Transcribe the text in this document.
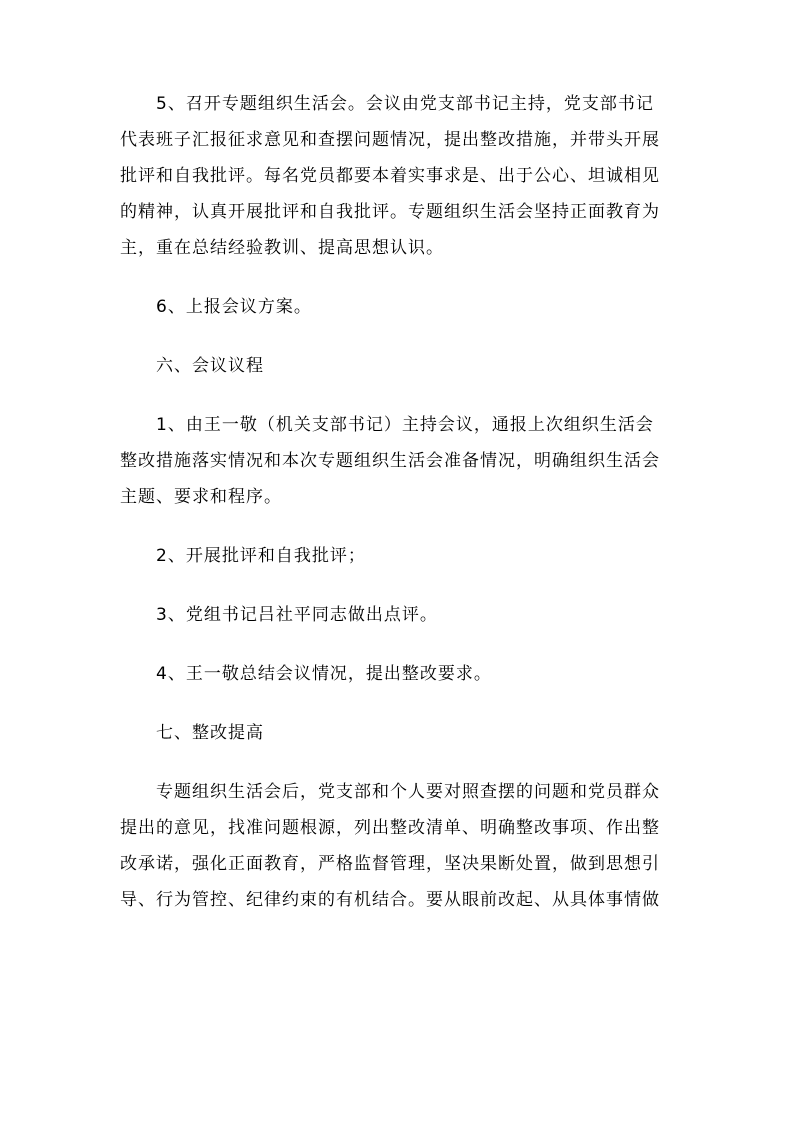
5、召开专题组织生活会。会议由党支部书记主持，党支部书记
代表班子汇报征求意见和查摆问题情况，提出整改措施，并带头开展
批评和自我批评。每名党员都要本着实事求是、出于公心、坦诚相见
的精神，认真开展批评和自我批评。专题组织生活会坚持正面教育为
主，重在总结经验教训、提高思想认识。
6、上报会议方案。
六、会议议程
1、由王一敬（机关支部书记）主持会议，通报上次组织生活会
整改措施落实情况和本次专题组织生活会准备情况，明确组织生活会
主题、要求和程序。
2、开展批评和自我批评；
3、党组书记吕社平同志做出点评。
4、王一敬总结会议情况，提出整改要求。
七、整改提高
专题组织生活会后，党支部和个人要对照查摆的问题和党员群众
提出的意见，找准问题根源，列出整改清单、明确整改事项、作出整
改承诺，强化正面教育，严格监督管理，坚决果断处置，做到思想引
导、行为管控、纪律约束的有机结合。要从眼前改起、从具体事情做
